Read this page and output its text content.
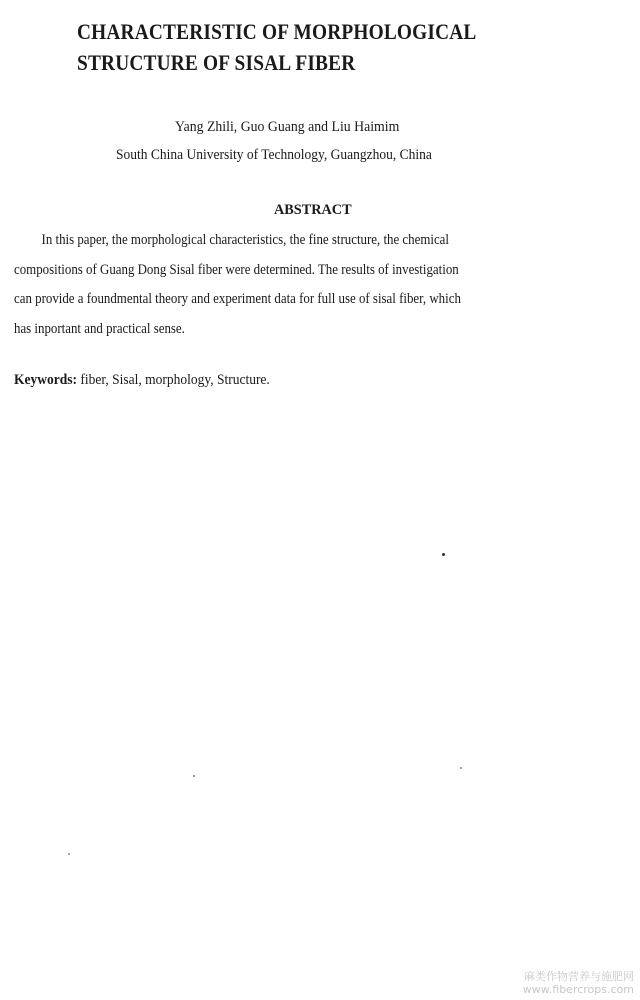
CHARACTERISTIC OF MORPHOLOGICAL
STRUCTURE OF SISAL FIBER
Yang Zhili, Guo Guang and Liu Haimim
South China University of Technology, Guangzhou, China
ABSTRACT
In this paper, the morphological characteristics, the fine structure, the chemical
compositions of Guang Dong Sisal fiber were determined. The results of investigation
can provide a foundmental theory and experiment data for full use of sisal fiber, which
has inportant and practical sense.
Keywords: fiber, Sisal, morphology, Structure.
麻类作物营养与施肥网
www.fibercrops.com
